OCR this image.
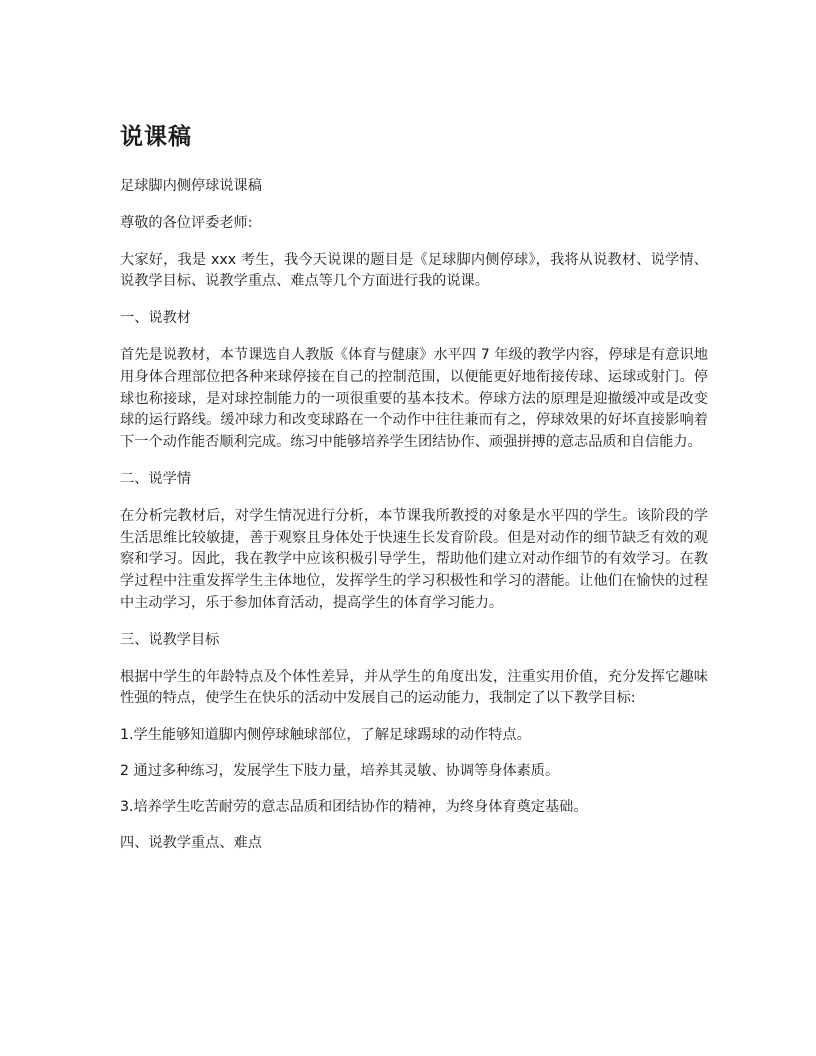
说课稿

足球脚内侧停球说课稿

尊敬的各位评委老师:

大家好，我是 xxx 考生，我今天说课的题目是《足球脚内侧停球》，我将从说教材、说学情、说教学目标、说教学重点、难点等几个方面进行我的说课。

一、说教材

首先是说教材，本节课选自人教版《体育与健康》水平四 7 年级的教学内容，停球是有意识地用身体合理部位把各种来球停接在自己的控制范围，以便能更好地衔接传球、运球或射门。停球也称接球，是对球控制能力的一项很重要的基本技术。停球方法的原理是迎撤缓冲或是改变球的运行路线。缓冲球力和改变球路在一个动作中往往兼而有之，停球效果的好坏直接影响着下一个动作能否顺利完成。练习中能够培养学生团结协作、顽强拼搏的意志品质和自信能力。

二、说学情

在分析完教材后，对学生情况进行分析，本节课我所教授的对象是水平四的学生。该阶段的学生活思维比较敏捷，善于观察且身体处于快速生长发育阶段。但是对动作的细节缺乏有效的观察和学习。因此，我在教学中应该积极引导学生，帮助他们建立对动作细节的有效学习。在教学过程中注重发挥学生主体地位，发挥学生的学习积极性和学习的潜能。让他们在愉快的过程中主动学习，乐于参加体育活动，提高学生的体育学习能力。

三、说教学目标

根据中学生的年龄特点及个体性差异，并从学生的角度出发，注重实用价值，充分发挥它趣味性强的特点，使学生在快乐的活动中发展自己的运动能力，我制定了以下教学目标:

1.学生能够知道脚内侧停球触球部位，了解足球踢球的动作特点。

2 通过多种练习，发展学生下肢力量，培养其灵敏、协调等身体素质。

3.培养学生吃苦耐劳的意志品质和团结协作的精神，为终身体育奠定基础。

四、说教学重点、难点
